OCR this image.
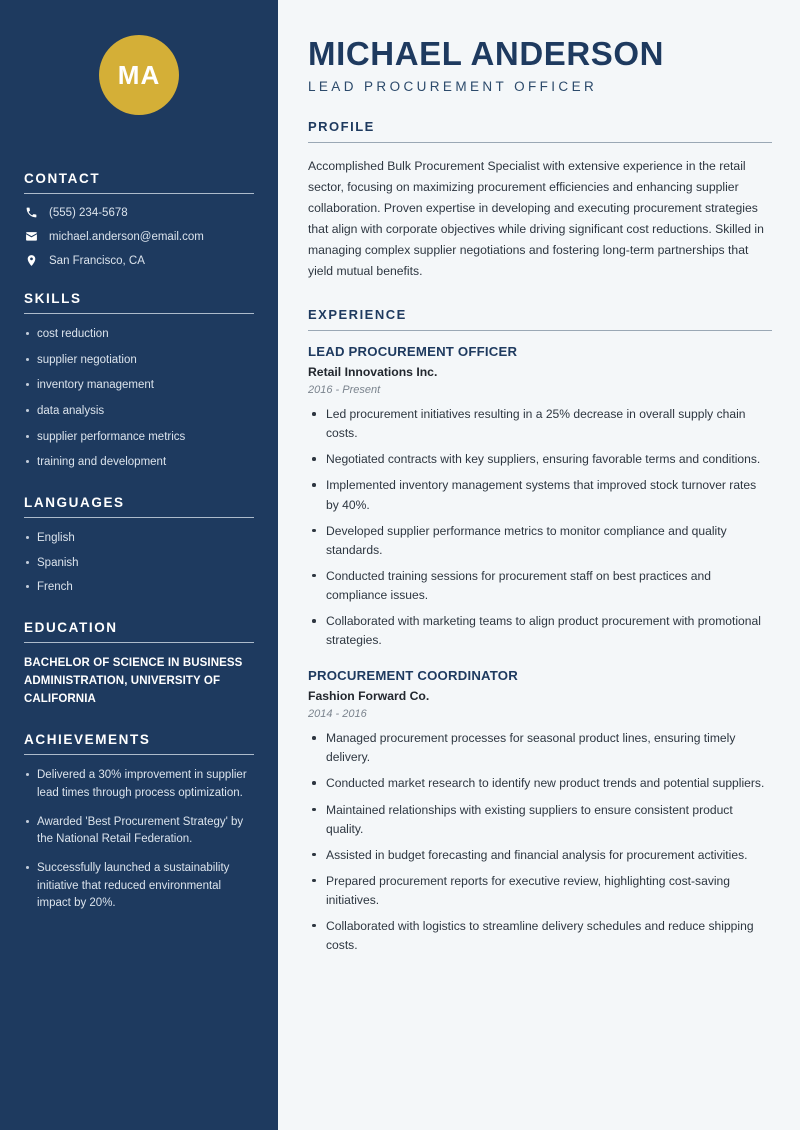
MA
CONTACT
(555) 234-5678
michael.anderson@email.com
San Francisco, CA
SKILLS
cost reduction
supplier negotiation
inventory management
data analysis
supplier performance metrics
training and development
LANGUAGES
English
Spanish
French
EDUCATION
BACHELOR OF SCIENCE IN BUSINESS ADMINISTRATION, UNIVERSITY OF CALIFORNIA
ACHIEVEMENTS
Delivered a 30% improvement in supplier lead times through process optimization.
Awarded 'Best Procurement Strategy' by the National Retail Federation.
Successfully launched a sustainability initiative that reduced environmental impact by 20%.
MICHAEL ANDERSON
LEAD PROCUREMENT OFFICER
PROFILE

Accomplished Bulk Procurement Specialist with extensive experience in the retail sector, focusing on maximizing procurement efficiencies and enhancing supplier collaboration. Proven expertise in developing and executing procurement strategies that align with corporate objectives while driving significant cost reductions. Skilled in managing complex supplier negotiations and fostering long-term partnerships that yield mutual benefits.

EXPERIENCE
LEAD PROCUREMENT OFFICER
Retail Innovations Inc.
2016 - Present
Led procurement initiatives resulting in a 25% decrease in overall supply chain costs.
Negotiated contracts with key suppliers, ensuring favorable terms and conditions.
Implemented inventory management systems that improved stock turnover rates by 40%.
Developed supplier performance metrics to monitor compliance and quality standards.
Conducted training sessions for procurement staff on best practices and compliance issues.
Collaborated with marketing teams to align product procurement with promotional strategies.
PROCUREMENT COORDINATOR
Fashion Forward Co.
2014 - 2016
Managed procurement processes for seasonal product lines, ensuring timely delivery.
Conducted market research to identify new product trends and potential suppliers.
Maintained relationships with existing suppliers to ensure consistent product quality.
Assisted in budget forecasting and financial analysis for procurement activities.
Prepared procurement reports for executive review, highlighting cost-saving initiatives.
Collaborated with logistics to streamline delivery schedules and reduce shipping costs.
